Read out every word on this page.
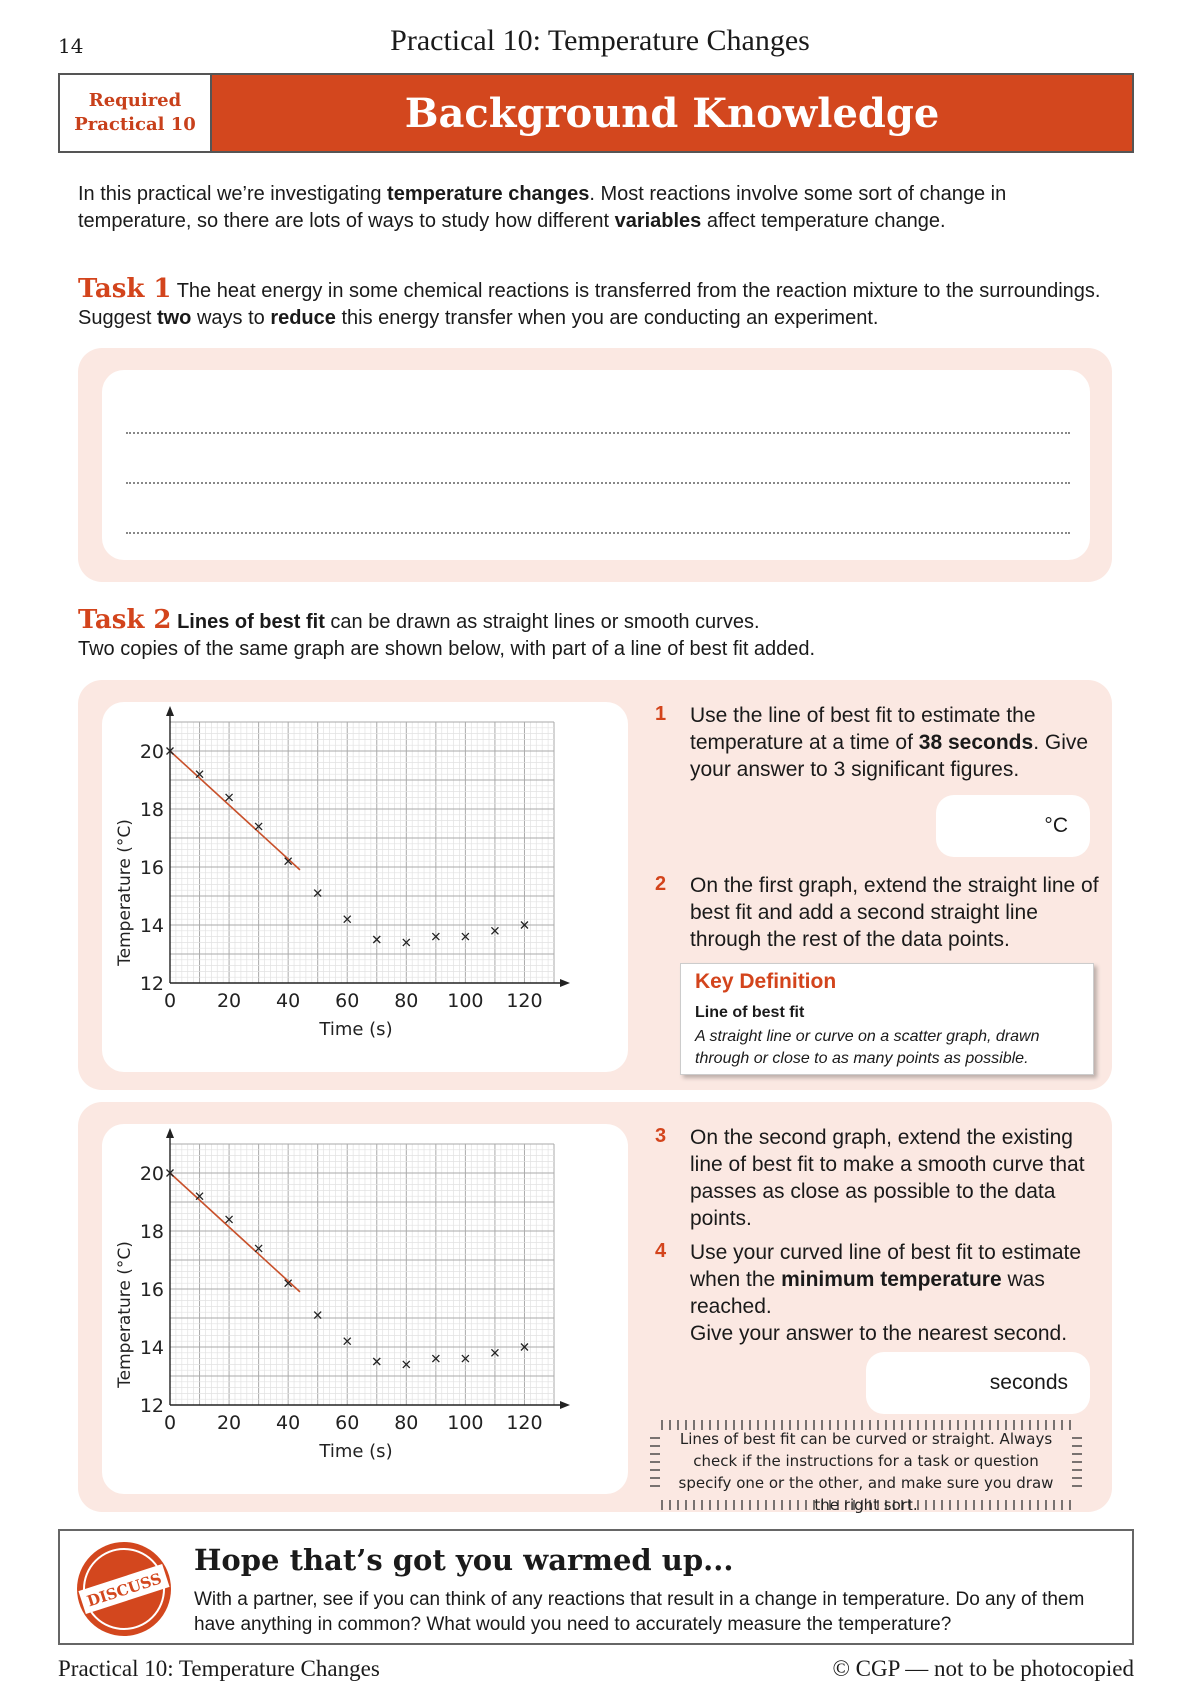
14	Practical 10: Temperature Changes
Required
Practical 10	Background Knowledge
In this practical we’re investigating temperature changes. Most reactions involve some sort of change in temperature, so there are lots of ways to study how different variables affect temperature change.
Task 1 The heat energy in some chemical reactions is transferred from the reaction mixture to the surroundings. Suggest two ways to reduce this energy transfer when you are conducting an experiment.
Task 2 Lines of best fit can be drawn as straight lines or smooth curves.
Two copies of the same graph are shown below, with part of a line of best fit added.
0 20 40 60 80 100 120
12
14
16
18
20
Time (s)
Temperature (°C)
1 Use the line of best fit to estimate the temperature at a time of 38 seconds. Give your answer to 3 significant figures.
°C
2 On the first graph, extend the straight line of best fit and add a second straight line through the rest of the data points.
Key Definition
Line of best fit
A straight line or curve on a scatter graph, drawn through or close to as many points as possible.
0 20 40 60 80 100 120
12
14
16
18
20
Time (s)
Temperature (°C)
3 On the second graph, extend the existing line of best fit to make a smooth curve that passes as close as possible to the data points.
4 Use your curved line of best fit to estimate when the minimum temperature was reached.
Give your answer to the nearest second.
seconds
Lines of best fit can be curved or straight. Always check if the instructions for a task or question specify one or the other, and make sure you draw the right sort.
DISCUSS
Hope that’s got you warmed up...
With a partner, see if you can think of any reactions that result in a change in temperature. Do any of them have anything in common? What would you need to accurately measure the temperature?
Practical 10: Temperature Changes	© CGP — not to be photocopied
